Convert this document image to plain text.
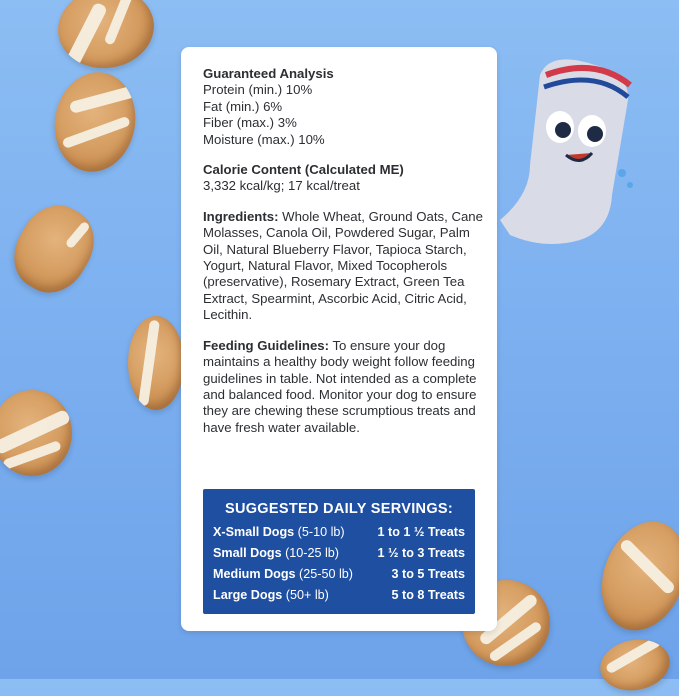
Guaranteed Analysis

Protein (min.) 10%

Fat (min.) 6%

Fiber (max.) 3%

Moisture (max.) 10%

Calorie Content (Calculated ME)

3,332 kcal/kg; 17 kcal/treat

Ingredients: Whole Wheat, Ground Oats, Cane Molasses, Canola Oil, Powdered Sugar, Palm Oil, Natural Blueberry Flavor, Tapioca Starch, Yogurt, Natural Flavor, Mixed Tocopherols (preservative), Rosemary Extract, Green Tea Extract, Spearmint, Ascorbic Acid, Citric Acid, Lecithin.

Feeding Guidelines: To ensure your dog maintains a healthy body weight follow feeding guidelines in table. Not intended as a complete and balanced food. Monitor your dog to ensure they are chewing these scrumptious treats and have fresh water available.

SUGGESTED DAILY SERVINGS:
X-Small Dogs (5-10 lb)	1 to 1 ½ Treats
Small Dogs (10-25 lb)	1 ½ to 3 Treats
Medium Dogs (25-50 lb)	3 to 5 Treats
Large Dogs (50+ lb)	5 to 8 Treats
